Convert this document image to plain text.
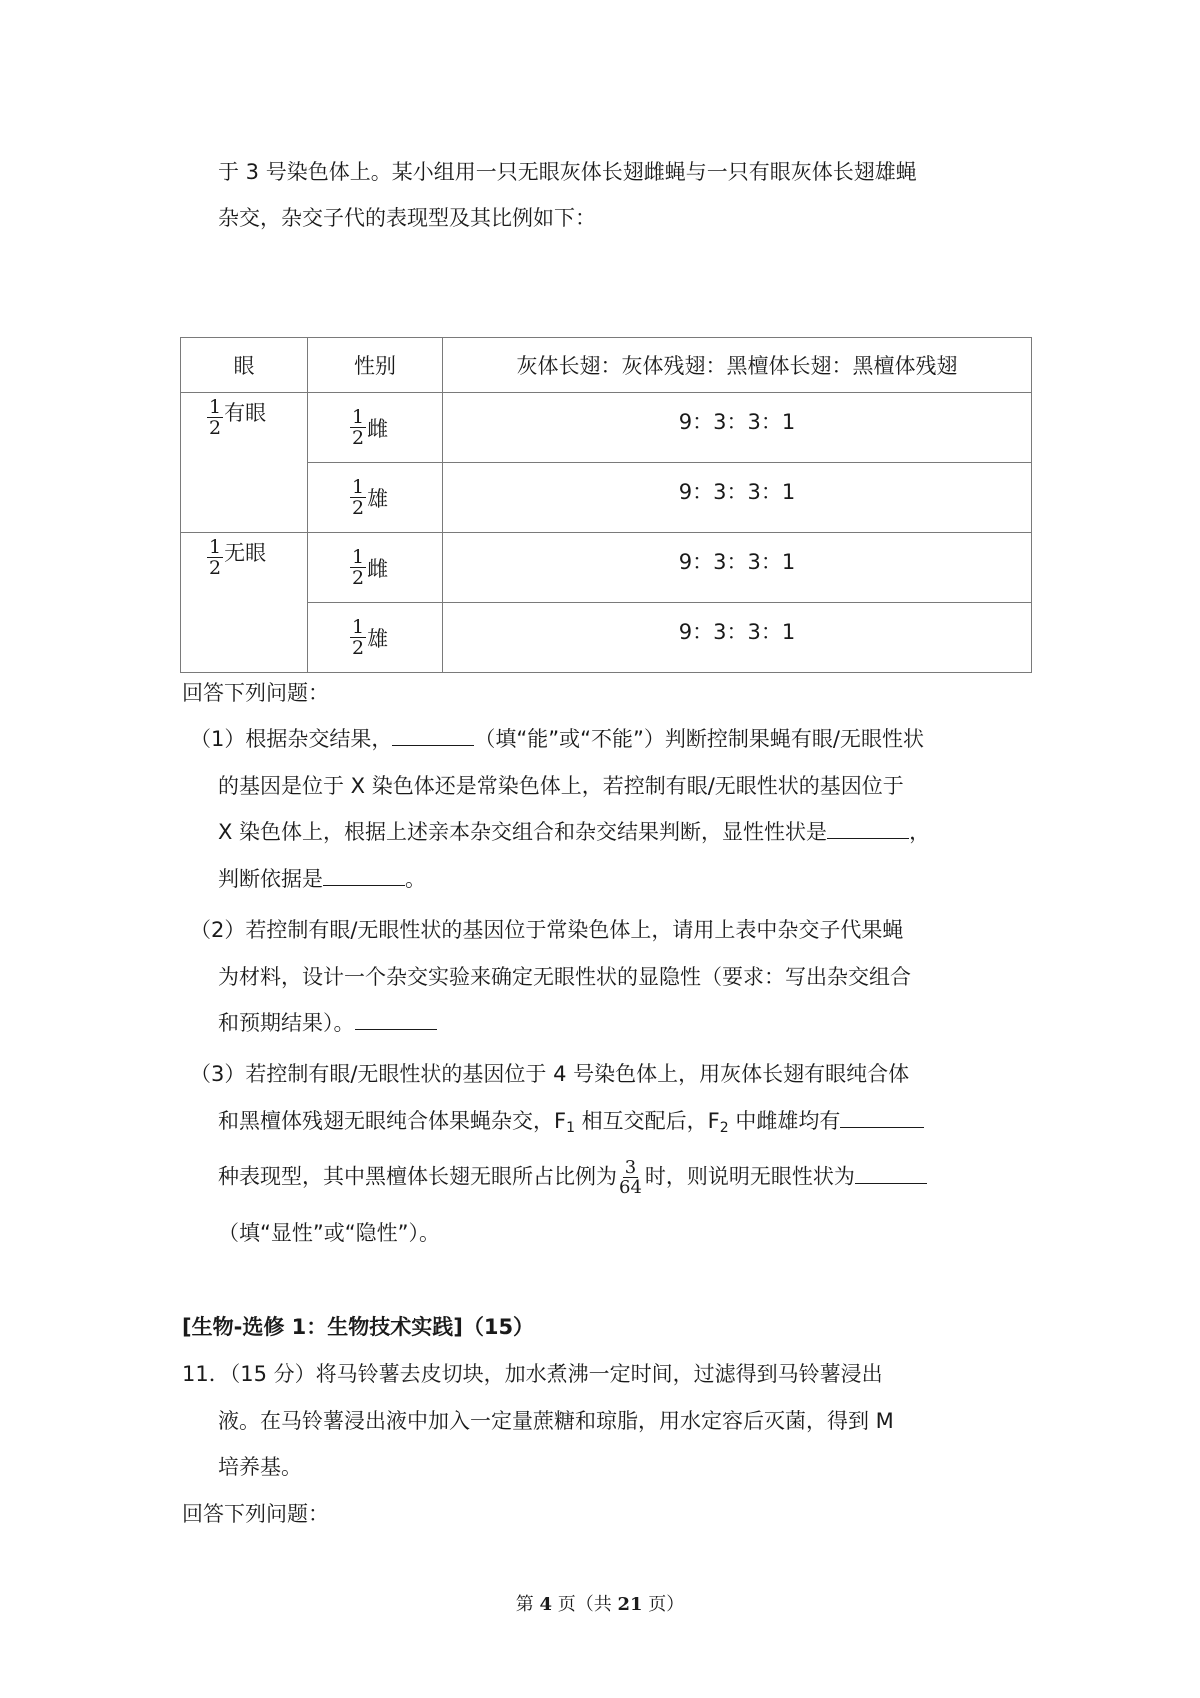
于 3 号染色体上。某小组用一只无眼灰体长翅雌蝇与一只有眼灰体长翅雄蝇
杂交，杂交子代的表现型及其比例如下：
眼	性别	灰体长翅：灰体残翅：黑檀体长翅：黑檀体残翅

$\frac{1}{2}$ 有眼	$\frac{1}{2}$ 雌	9：3：3：1

	$\frac{1}{2}$ 雄	9：3：3：1

$\frac{1}{2}$ 无眼	$\frac{1}{2}$ 雌	9：3：3：1

	$\frac{1}{2}$ 雄	9：3：3：1
回答下列问题：
（1）根据杂交结果，	（填“能”或“不能”）判断控制果蝇有眼/无眼性状
的基因是位于 X 染色体还是常染色体上，若控制有眼/无眼性状的基因位于
X 染色体上，根据上述亲本杂交组合和杂交结果判断，显性性状是	，
判断依据是	。
（2）若控制有眼/无眼性状的基因位于常染色体上，请用上表中杂交子代果蝇
为材料，设计一个杂交实验来确定无眼性状的显隐性（要求：写出杂交组合
和预期结果）。
（3）若控制有眼/无眼性状的基因位于 4 号染色体上，用灰体长翅有眼纯合体
和黑檀体残翅无眼纯合体果蝇杂交，$F_1$ 相互交配后，$F_2$ 中雌雄均有
种表现型，其中黑檀体长翅无眼所占比例为 $\frac{3}{64}$ 时，则说明无眼性状为
（填“显性”或“隐性”）。
[生物-选修 1：生物技术实践]（15）
11．（15 分）将马铃薯去皮切块，加水煮沸一定时间，过滤得到马铃薯浸出
液。在马铃薯浸出液中加入一定量蔗糖和琼脂，用水定容后灭菌，得到 M
培养基。
回答下列问题：
第 4 页（共 21 页）
